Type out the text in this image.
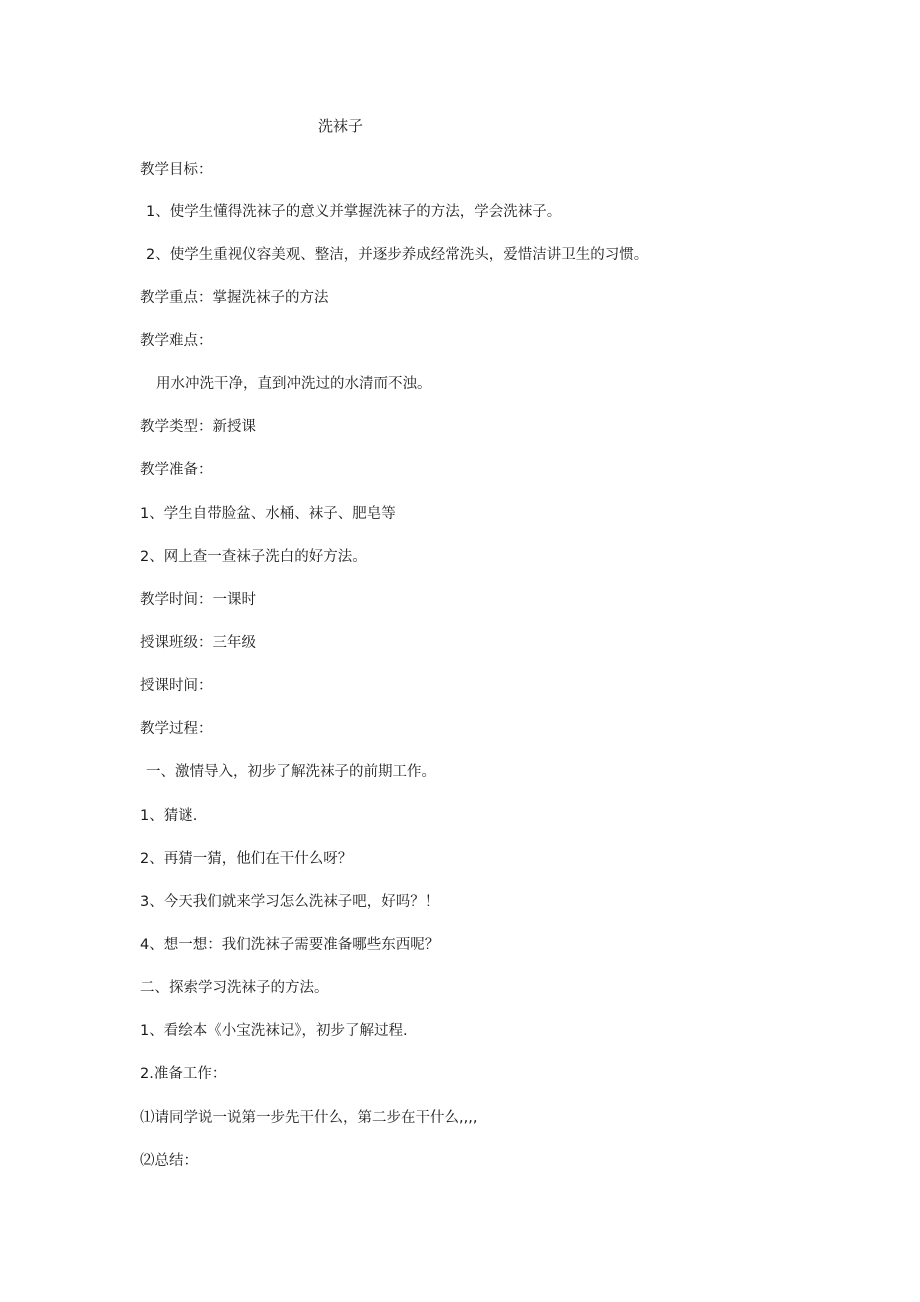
洗袜子
教学目标：
1、使学生懂得洗袜子的意义并掌握洗袜子的方法，学会洗袜子。
2、使学生重视仪容美观、整洁，并逐步养成经常洗头，爱惜洁讲卫生的习惯。
教学重点：掌握洗袜子的方法
教学难点：
用水冲洗干净，直到冲洗过的水清而不浊。
教学类型：新授课
教学准备：
1、学生自带脸盆、水桶、袜子、肥皂等
2、网上查一查袜子洗白的好方法。
教学时间：一课时
授课班级：三年级
授课时间：
教学过程：
一、激情导入，初步了解洗袜子的前期工作。
1、猜谜.
2、再猜一猜，他们在干什么呀？
3、今天我们就来学习怎么洗袜子吧，好吗？！
4、想一想：我们洗袜子需要准备哪些东西呢？
二、探索学习洗袜子的方法。
1、看绘本《小宝洗袜记》，初步了解过程.
2.准备工作：
⑴请同学说一说第一步先干什么，第二步在干什么,,,,
⑵总结：
